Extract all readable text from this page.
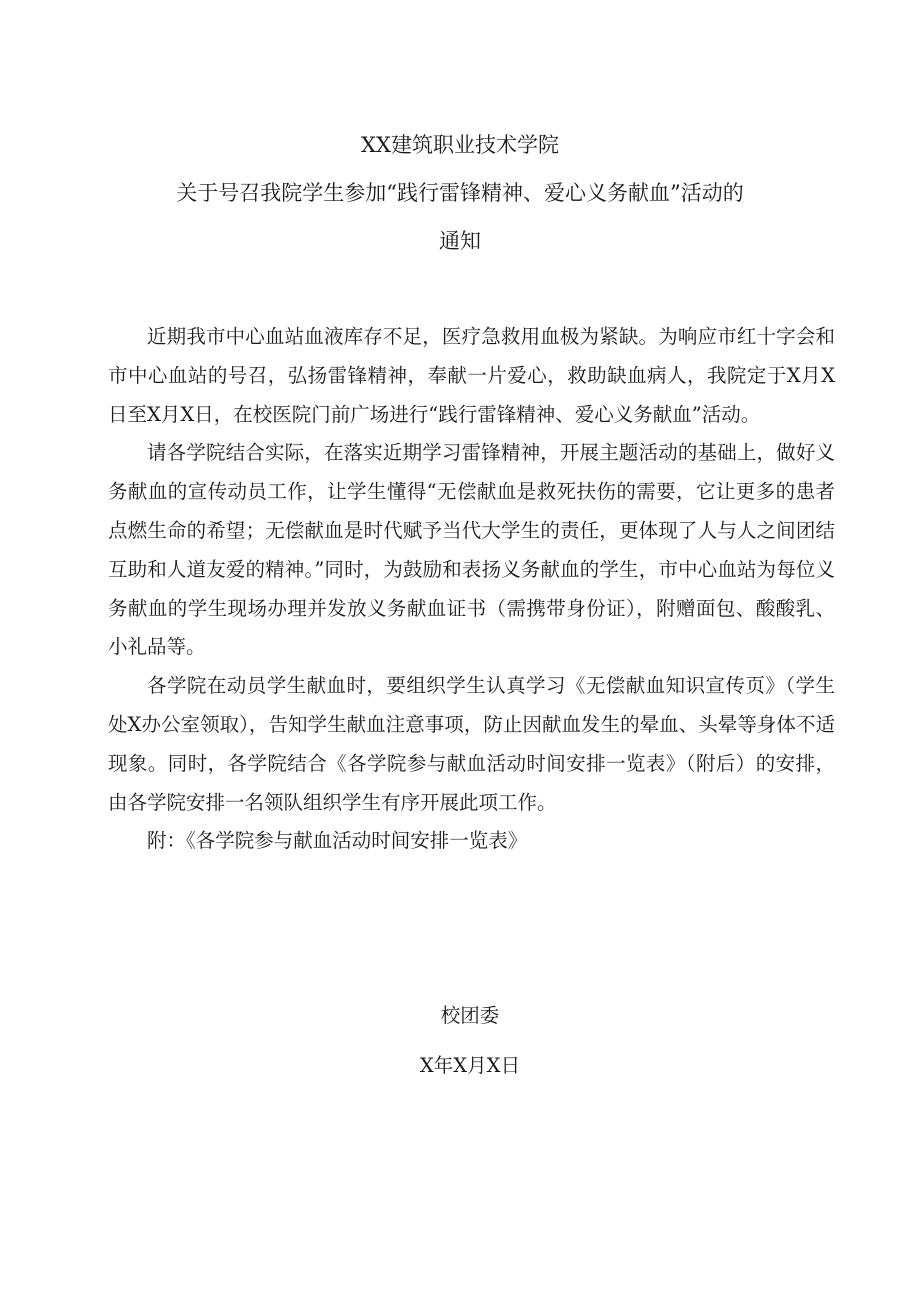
XX建筑职业技术学院
关于号召我院学生参加“践行雷锋精神、爱心义务献血”活动的
通知

近期我市中心血站血液库存不足，医疗急救用血极为紧缺。为响应市红十字会和市中心血站的号召，弘扬雷锋精神，奉献一片爱心，救助缺血病人，我院定于X月X日至X月X日，在校医院门前广场进行“践行雷锋精神、爱心义务献血”活动。

请各学院结合实际，在落实近期学习雷锋精神，开展主题活动的基础上，做好义务献血的宣传动员工作，让学生懂得“无偿献血是救死扶伤的需要，它让更多的患者点燃生命的希望；无偿献血是时代赋予当代大学生的责任，更体现了人与人之间团结互助和人道友爱的精神。”同时，为鼓励和表扬义务献血的学生，市中心血站为每位义务献血的学生现场办理并发放义务献血证书（需携带身份证），附赠面包、酸酸乳、小礼品等。

各学院在动员学生献血时，要组织学生认真学习《无偿献血知识宣传页》（学生处X办公室领取），告知学生献血注意事项，防止因献血发生的晕血、头晕等身体不适现象。同时，各学院结合《各学院参与献血活动时间安排一览表》（附后）的安排，由各学院安排一名领队组织学生有序开展此项工作。

附：《各学院参与献血活动时间安排一览表》

校团委
X年X月X日
